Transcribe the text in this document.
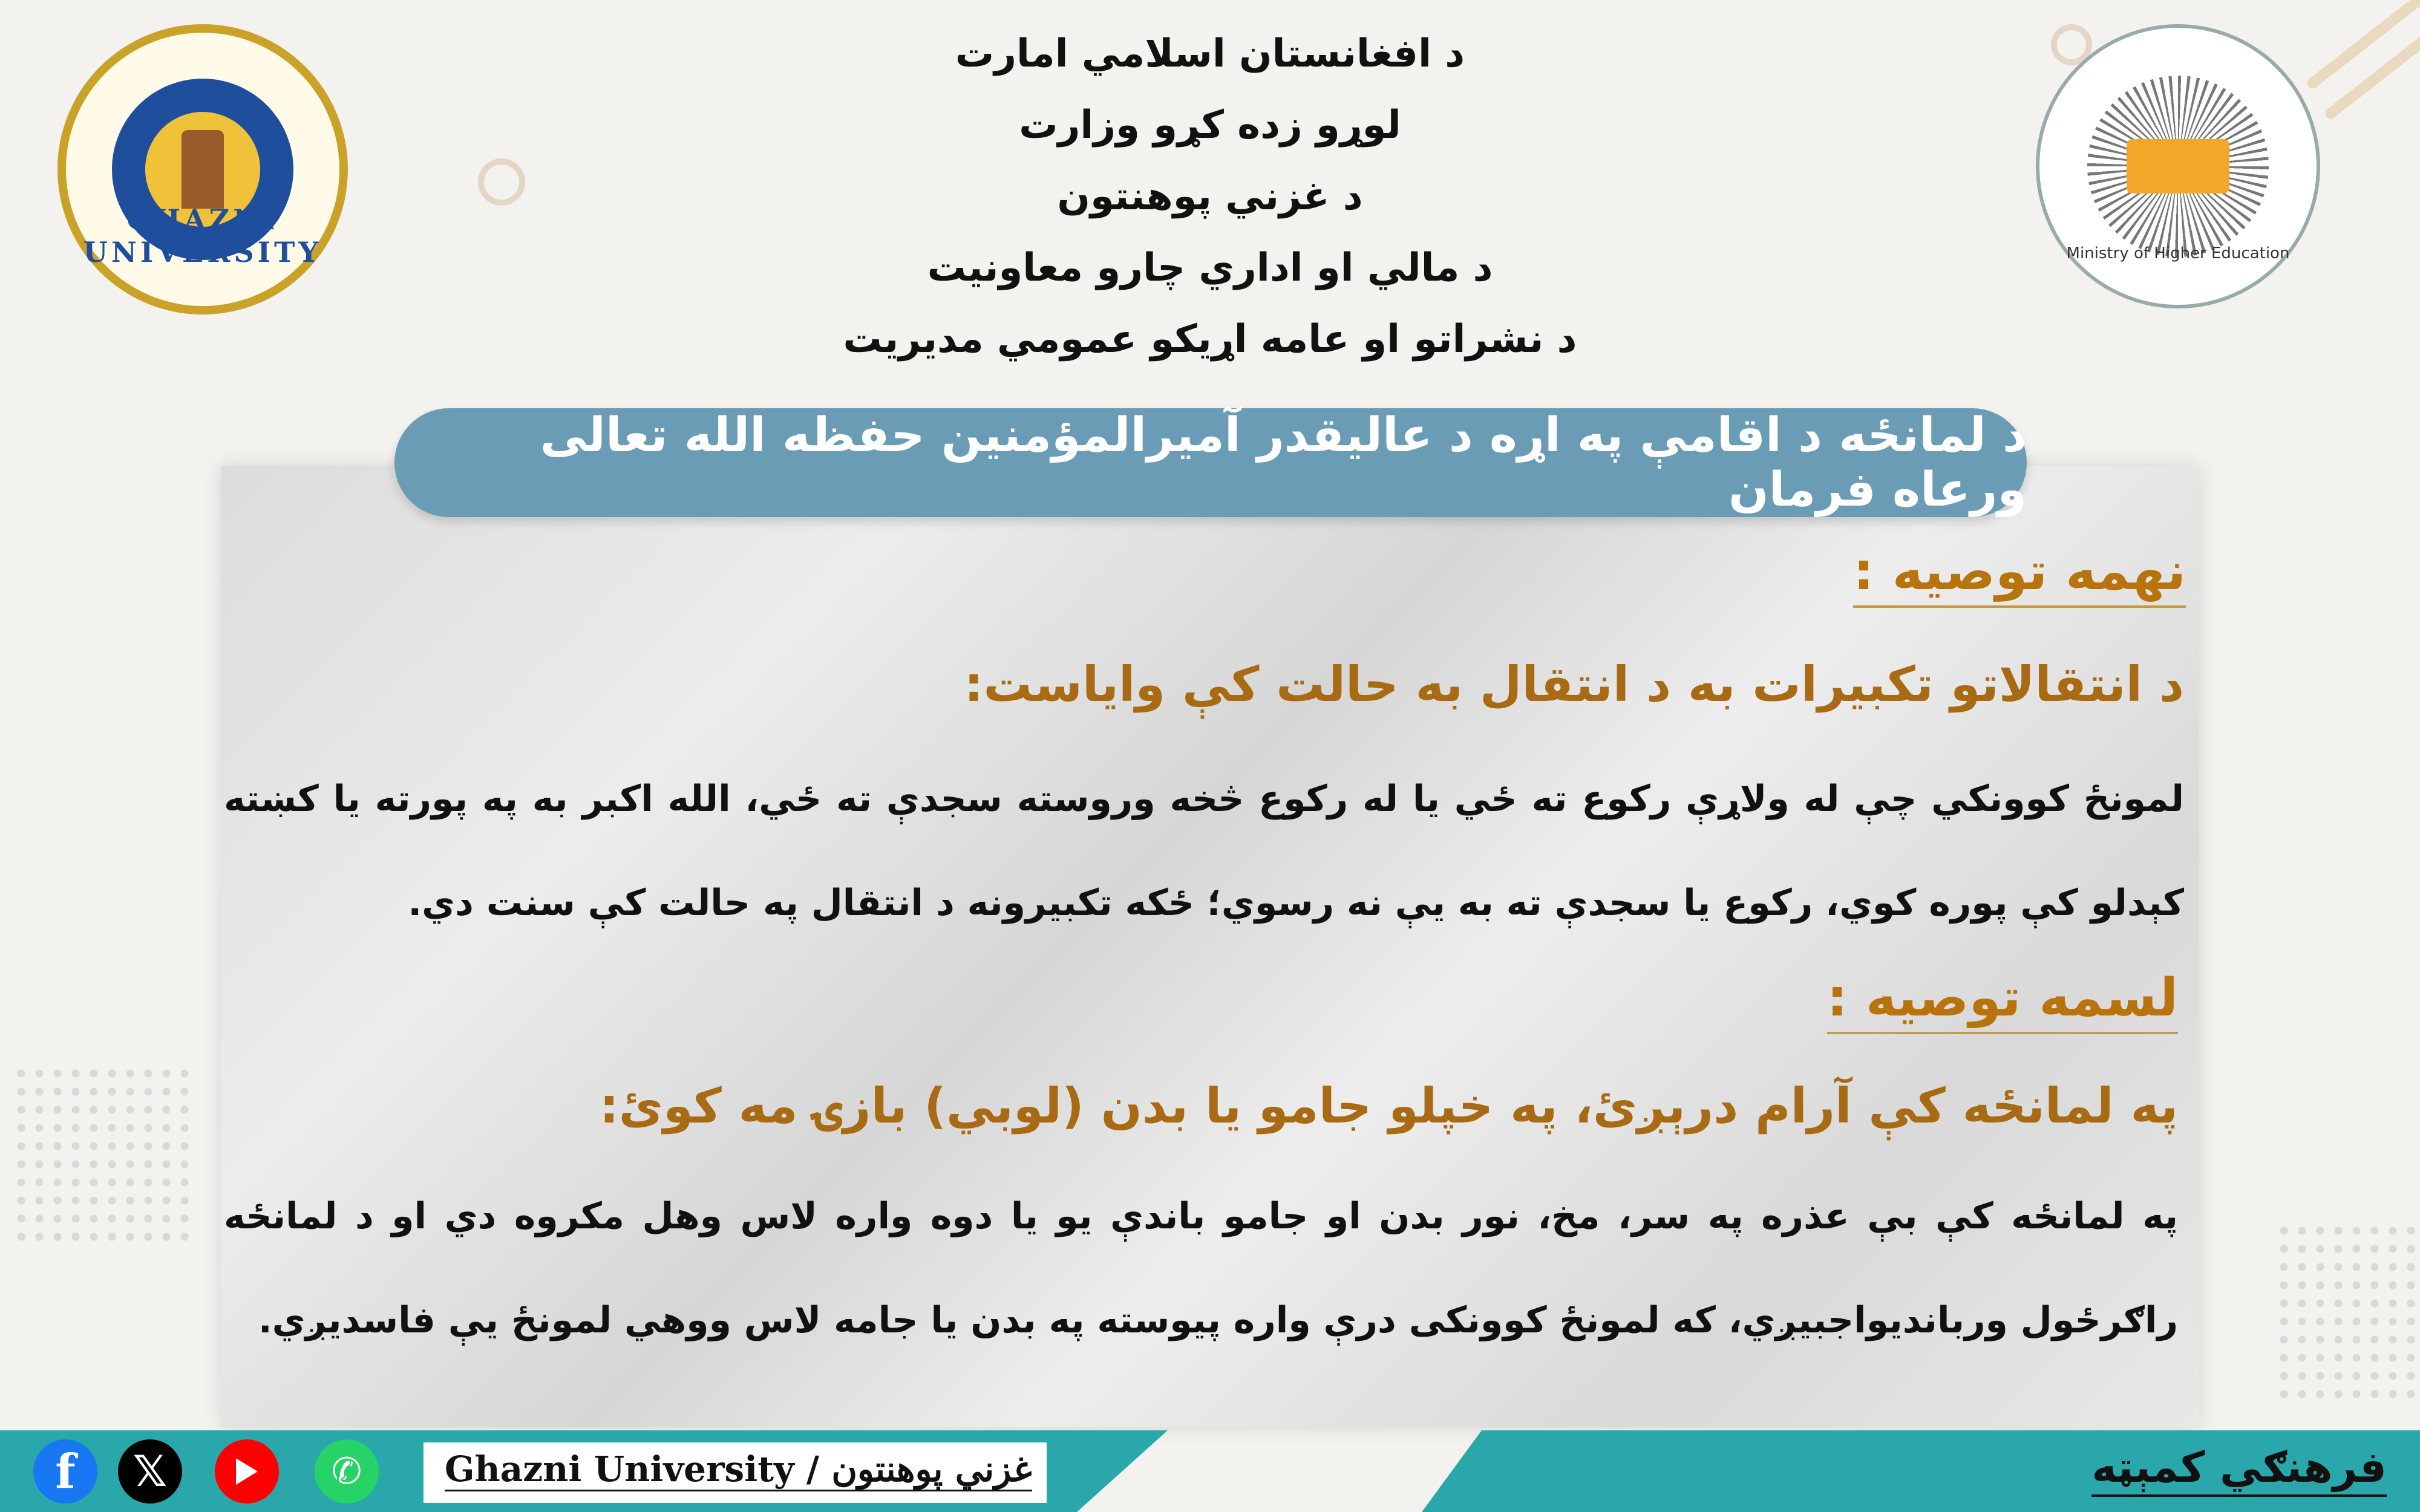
GHAZNI UNIVERSITY	Ministry of Higher Education
د افغانستان اسلامي امارت
لوړو زده کړو وزارت
د غزني پوهنتون
د مالي او اداري چارو معاونيت
د نشراتو او عامه اړيکو عمومي مديريت
د لمانځه د اقامې په اړه د عاليقدر آميرالمؤمنين حفظه الله تعالى ورعاه فرمان
نهمه توصيه :
د انتقالاتو تکبيرات به د انتقال به حالت کې واياست:
لمونځ کوونکي چې له ولاړې رکوع ته ځي يا له رکوع څخه وروسته سجدې ته ځي، الله اکبر به په پورته يا کښته کېدلو کې پوره کوي، رکوع يا سجدې ته به يې نه رسوي؛ ځکه تکبيرونه د انتقال په حالت کې سنت دي.
لسمه توصيه :
په لمانځه کې آرام درېږئ، په خپلو جامو يا بدن (لوبي) بازۍ مه کوئ:
په لمانځه کې بې عذره په سر، مخ، نور بدن او جامو باندې يو يا دوه واره لاس وهل مکروه دي او د لمانځه راګرځول وربانديواجبيږي، که لمونځ کوونکی درې واره پيوسته په بدن يا جامه لاس ووهي لمونځ يې فاسديږي.
f	𝕏	✆	Ghazni University / غزني پوهنتون	فرهنګي کمېټه
